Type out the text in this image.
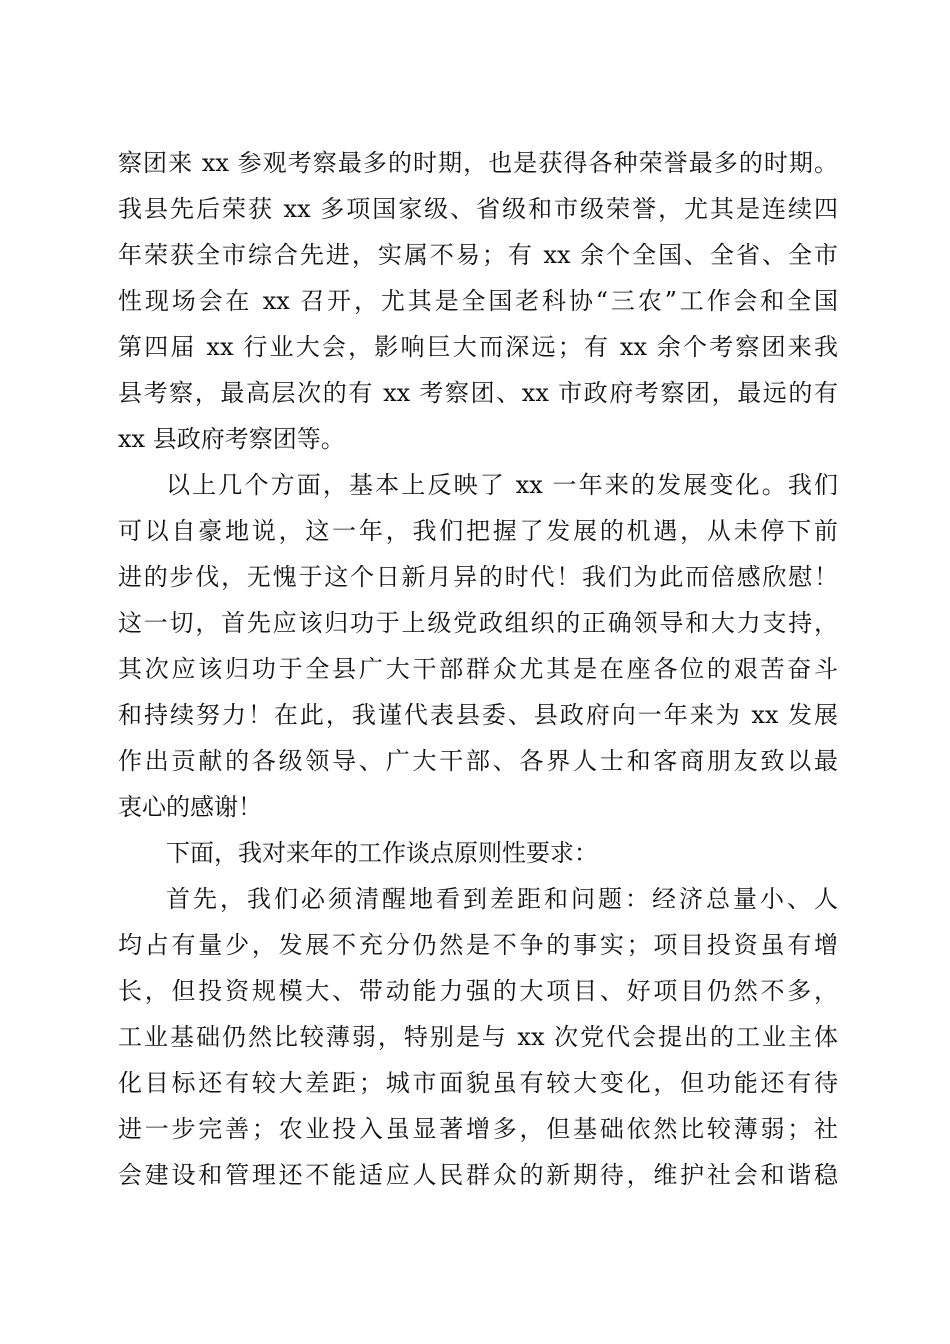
察团来 xx 参观考察最多的时期，也是获得各种荣誉最多的时期。
我县先后荣获 xx 多项国家级、省级和市级荣誉，尤其是连续四
年荣获全市综合先进，实属不易；有 xx 余个全国、全省、全市
性现场会在 xx 召开，尤其是全国老科协“三农”工作会和全国
第四届 xx 行业大会，影响巨大而深远；有 xx 余个考察团来我
县考察，最高层次的有 xx 考察团、xx 市政府考察团，最远的有
xx 县政府考察团等。
以上几个方面，基本上反映了 xx 一年来的发展变化。我们
可以自豪地说，这一年，我们把握了发展的机遇，从未停下前
进的步伐，无愧于这个日新月异的时代！我们为此而倍感欣慰！
这一切，首先应该归功于上级党政组织的正确领导和大力支持，
其次应该归功于全县广大干部群众尤其是在座各位的艰苦奋斗
和持续努力！在此，我谨代表县委、县政府向一年来为 xx 发展
作出贡献的各级领导、广大干部、各界人士和客商朋友致以最
衷心的感谢！
下面，我对来年的工作谈点原则性要求：
首先，我们必须清醒地看到差距和问题：经济总量小、人
均占有量少，发展不充分仍然是不争的事实；项目投资虽有增
长，但投资规模大、带动能力强的大项目、好项目仍然不多，
工业基础仍然比较薄弱，特别是与 xx 次党代会提出的工业主体
化目标还有较大差距；城市面貌虽有较大变化，但功能还有待
进一步完善；农业投入虽显著增多，但基础依然比较薄弱；社
会建设和管理还不能适应人民群众的新期待，维护社会和谐稳
